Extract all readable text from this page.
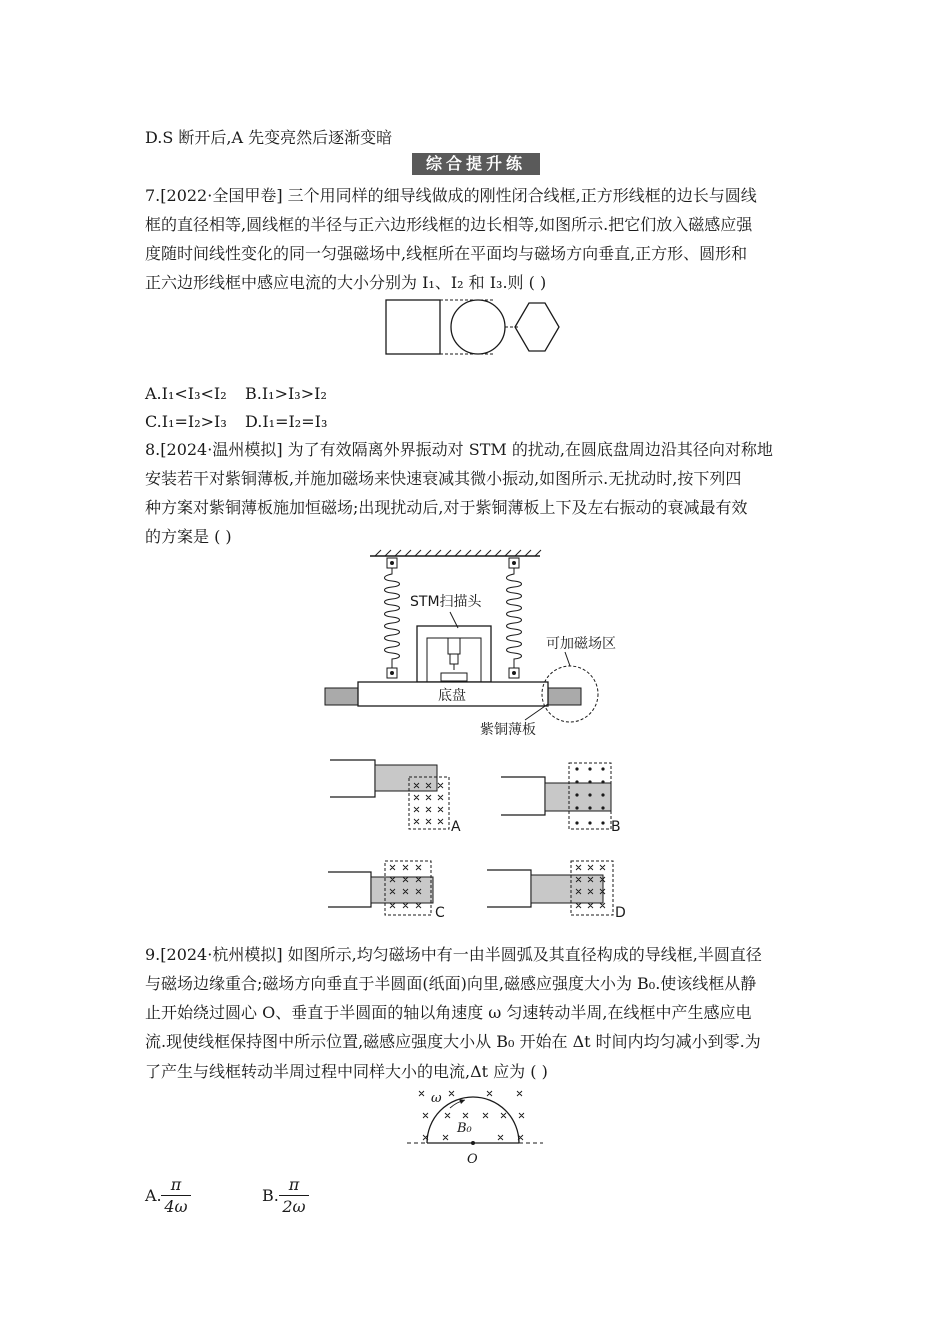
D.S 断开后,A 先变亮然后逐渐变暗
综合提升练
7.[2022·全国甲卷] 三个用同样的细导线做成的刚性闭合线框,正方形线框的边长与圆线
框的直径相等,圆线框的半径与正六边形线框的边长相等,如图所示.把它们放入磁感应强
度随时间线性变化的同一匀强磁场中,线框所在平面均与磁场方向垂直,正方形、圆形和
正六边形线框中感应电流的大小分别为 I₁、I₂ 和 I₃.则 ( )
A.I₁<I₃<I₂ B.I₁>I₃>I₂
C.I₁=I₂>I₃ D.I₁=I₂=I₃
8.[2024·温州模拟] 为了有效隔离外界振动对 STM 的扰动,在圆底盘周边沿其径向对称地
安装若干对紫铜薄板,并施加磁场来快速衰减其微小振动,如图所示.无扰动时,按下列四
种方案对紫铜薄板施加恒磁场;出现扰动后,对于紫铜薄板上下及左右振动的衰减最有效
的方案是 ( )
STM扫描头
底盘
可加磁场区
紫铜薄板
A	B
C	D
9.[2024·杭州模拟] 如图所示,均匀磁场中有一由半圆弧及其直径构成的导线框,半圆直径
与磁场边缘重合;磁场方向垂直于半圆面(纸面)向里,磁感应强度大小为 B₀.使该线框从静
止开始绕过圆心 O、垂直于半圆面的轴以角速度 ω 匀速转动半周,在线框中产生感应电
流.现使线框保持图中所示位置,磁感应强度大小从 B₀ 开始在 Δt 时间内均匀减小到零.为
了产生与线框转动半周过程中同样大小的电流,Δt 应为 ( )
ω
B₀
O
A.
π
4ω
B.
π
2ω
